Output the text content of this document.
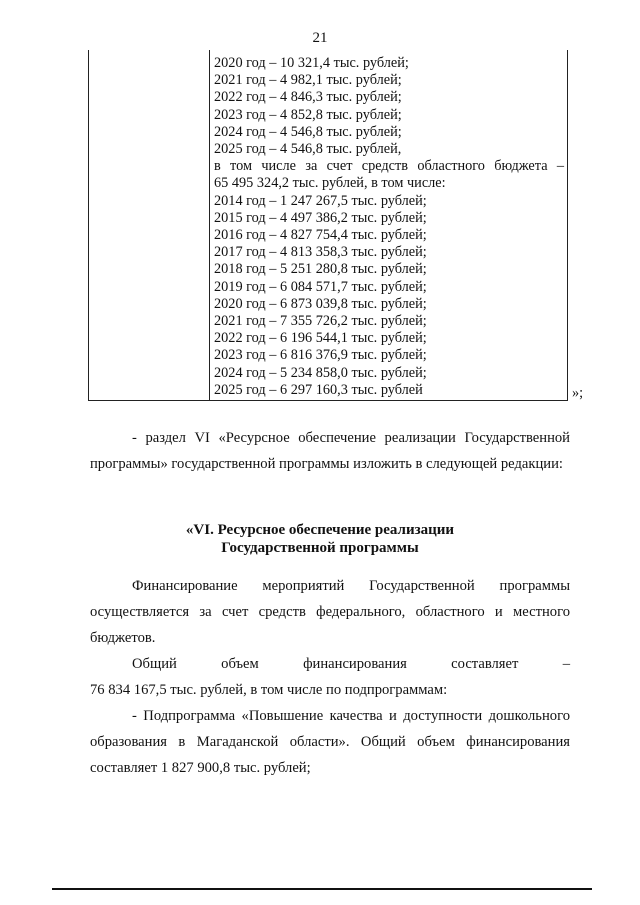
21
2020 год – 10 321,4 тыс. рублей;
2021 год – 4 982,1 тыс. рублей;
2022 год – 4 846,3 тыс. рублей;
2023 год – 4 852,8 тыс. рублей;
2024 год – 4 546,8 тыс. рублей;
2025 год – 4 546,8 тыс. рублей,
в том числе за счет средств областного бюджета –
65 495 324,2 тыс. рублей, в том числе:
2014 год – 1 247 267,5 тыс. рублей;
2015 год – 4 497 386,2 тыс. рублей;
2016 год – 4 827 754,4 тыс. рублей;
2017 год – 4 813 358,3 тыс. рублей;
2018 год – 5 251 280,8 тыс. рублей;
2019 год – 6 084 571,7 тыс. рублей;
2020 год – 6 873 039,8 тыс. рублей;
2021 год – 7 355 726,2 тыс. рублей;
2022 год – 6 196 544,1 тыс. рублей;
2023 год – 6 816 376,9 тыс. рублей;
2024 год – 5 234 858,0 тыс. рублей;
2025 год – 6 297 160,3 тыс. рублей	»;
- раздел VI «Ресурсное обеспечение реализации Государственной программы» государственной программы изложить в следующей редакции:
«VI. Ресурсное обеспечение реализации
Государственной программы
Финансирование мероприятий Государственной программы осуществляется за счет средств федерального, областного и местного бюджетов.
Общий объем финансирования составляет –
76 834 167,5 тыс. рублей, в том числе по подпрограммам:
- Подпрограмма «Повышение качества и доступности дошкольного образования в Магаданской области». Общий объем финансирования составляет 1 827 900,8 тыс. рублей;
